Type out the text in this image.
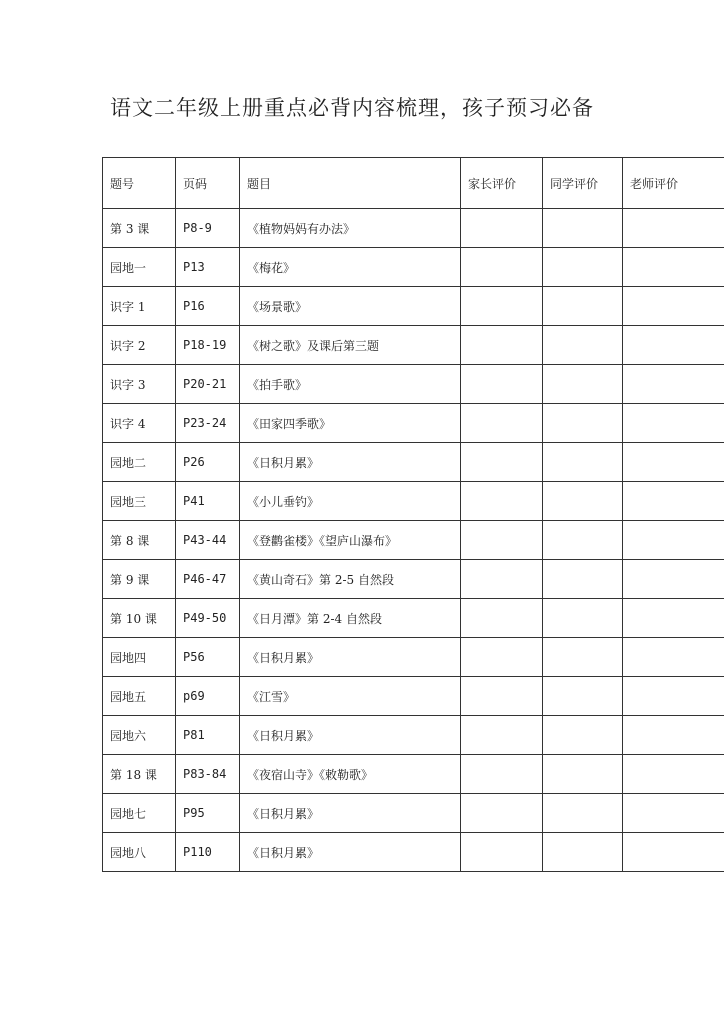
语文二年级上册重点必背内容梳理，孩子预习必备
题号	页码	题目	家长评价	同学评价	老师评价
第 3 课	P8-9	《植物妈妈有办法》			
园地一	P13	《梅花》			
识字 1	P16	《场景歌》			
识字 2	P18-19	《树之歌》及课后第三题			
识字 3	P20-21	《拍手歌》			
识字 4	P23-24	《田家四季歌》			
园地二	P26	《日积月累》			
园地三	P41	《小儿垂钓》			
第 8 课	P43-44	《登鹳雀楼》《望庐山瀑布》			
第 9 课	P46-47	《黄山奇石》第 2-5 自然段			
第 10 课	P49-50	《日月潭》第 2-4 自然段			
园地四	P56	《日积月累》			
园地五	p69	《江雪》			
园地六	P81	《日积月累》			
第 18 课	P83-84	《夜宿山寺》《敕勒歌》			
园地七	P95	《日积月累》			
园地八	P110	《日积月累》			
